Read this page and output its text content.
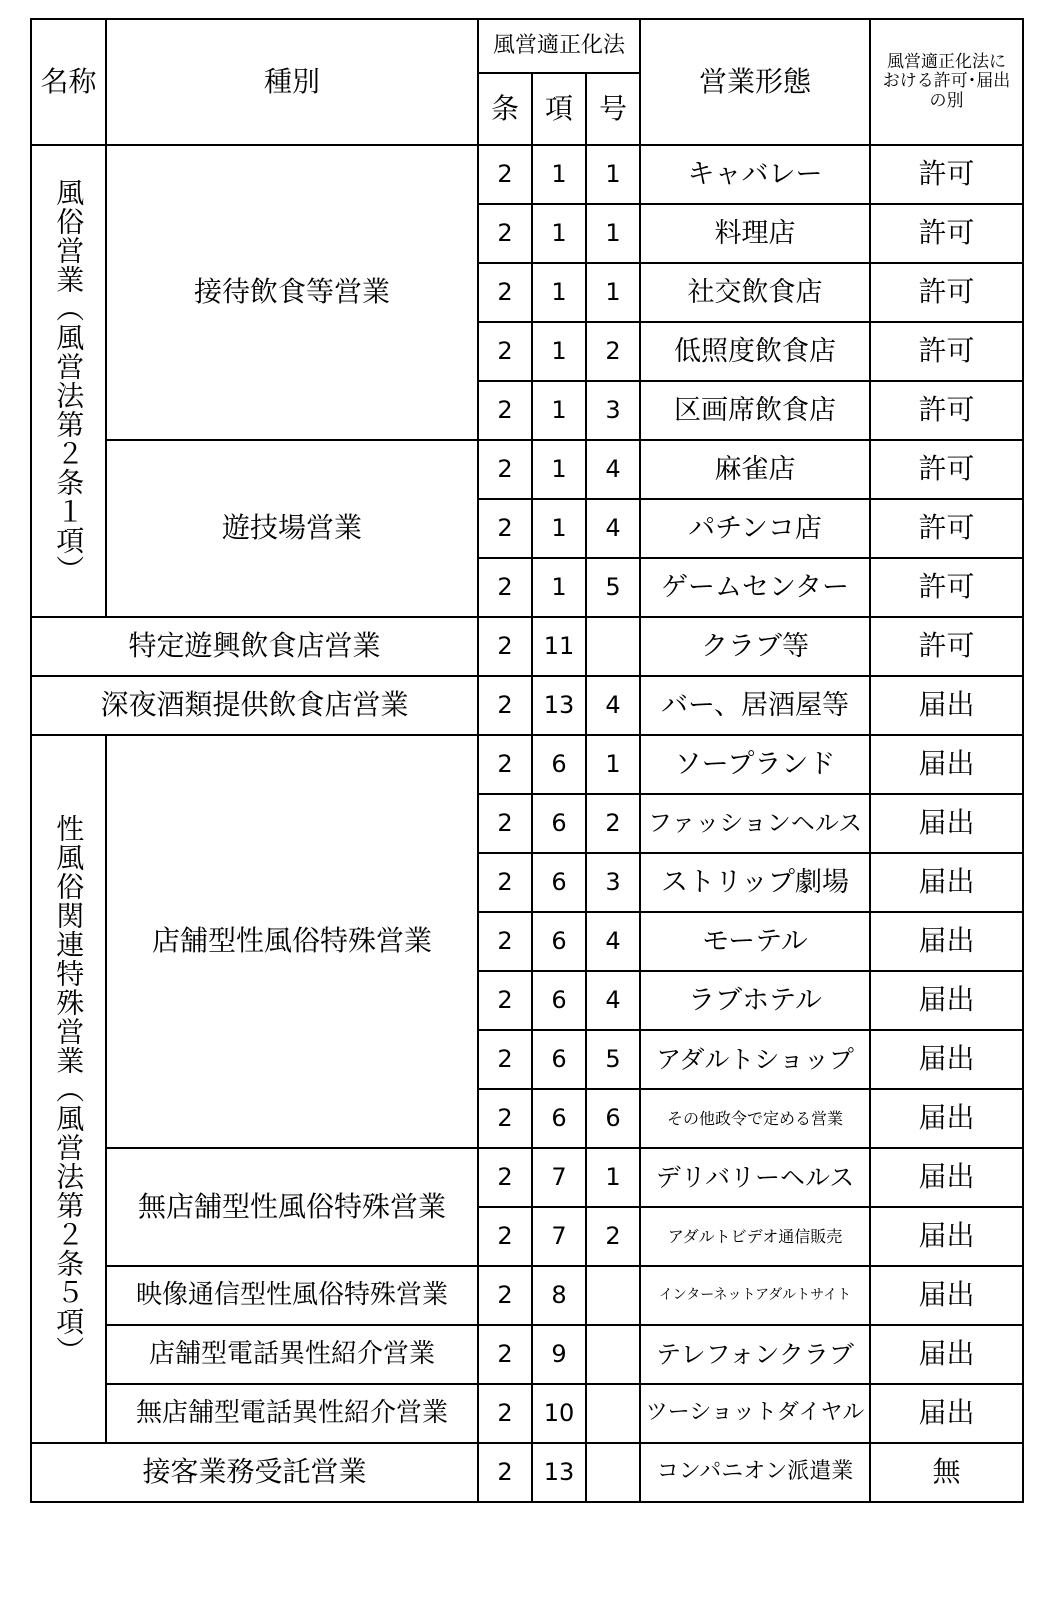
名称	種別	風営適正化法			営業形態	風営適正化法における許可･届出の別

		条	項	号		

風俗営業（風営法第２条１項）	接待飲食等営業	2	1	1	キャバレー	許可
		2	1	1	料理店	許可
		2	1	1	社交飲食店	許可
		2	1	2	低照度飲食店	許可
		2	1	3	区画席飲食店	許可
	遊技場営業	2	1	4	麻雀店	許可
		2	1	4	パチンコ店	許可
		2	1	5	ゲームセンター	許可
特定遊興飲食店営業		2	11		クラブ等	許可
深夜酒類提供飲食店営業		2	13	4	バー、居酒屋等	届出

性風俗関連特殊営業（風営法第２条５項）	店舗型性風俗特殊営業	2	6	1	ソープランド	届出
		2	6	2	ファッションヘルス	届出
		2	6	3	ストリップ劇場	届出
		2	6	4	モーテル	届出
		2	6	4	ラブホテル	届出
		2	6	5	アダルトショップ	届出
		2	6	6	その他政令で定める営業	届出
	無店舗型性風俗特殊営業	2	7	1	デリバリーヘルス	届出
		2	7	2	アダルトビデオ通信販売	届出
	映像通信型性風俗特殊営業	2	8		インターネットアダルトサイト	届出
	店舗型電話異性紹介営業	2	9		テレフォンクラブ	届出
	無店舗型電話異性紹介営業	2	10		ツーショットダイヤル	届出
接客業務受託営業		2	13		コンパニオン派遣業	無
